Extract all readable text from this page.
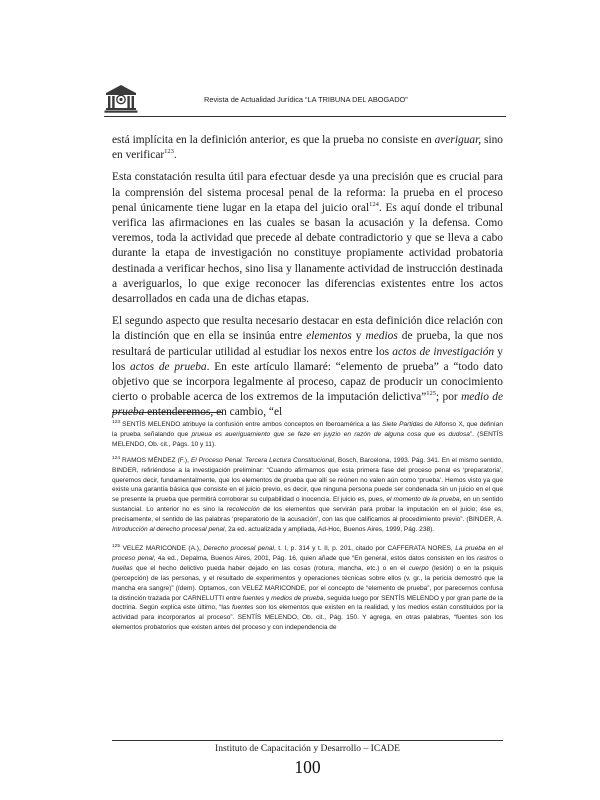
Revista de Actualidad Jurídica “LA TRIBUNA DEL ABOGADO”

está implícita en la definición anterior, es que la prueba no consiste en averiguar, sino en verificar$^{123}$.

Esta constatación resulta útil para efectuar desde ya una precisión que es crucial para la comprensión del sistema procesal penal de la reforma: la prueba en el proceso penal únicamente tiene lugar en la etapa del juicio oral$^{124}$. Es aquí donde el tribunal verifica las afirmaciones en las cuales se basan la acusación y la defensa. Como veremos, toda la actividad que precede al debate contradictorio y que se lleva a cabo durante la etapa de investigación no constituye propiamente actividad probatoria destinada a verificar hechos, sino lisa y llanamente actividad de instrucción destinada a averiguarlos, lo que exige reconocer las diferencias existentes entre los actos desarrollados en cada una de dichas etapas.

El segundo aspecto que resulta necesario destacar en esta definición dice relación con la distinción que en ella se insinúa entre elementos y medios de prueba, la que nos resultará de particular utilidad al estudiar los nexos entre los actos de investigación y los actos de prueba. En este artículo llamaré: “elemento de prueba” a “todo dato objetivo que se incorpora legalmente al proceso, capaz de producir un conocimiento cierto o probable acerca de los extremos de la imputación delictiva”$^{125}$; por medio de prueba entenderemos, en cambio, “el

$^{123}$ SENTÍS MELENDO atribuye la confusión entre ambos conceptos en Iberoamérica a las Siete Partidas de Alfonso X, que definían la prueba señalando que prueua es aueriguamiento que se feze en juyzio en razón de alguna cosa que es dudosa”. (SENTÍS MELENDO, Ob. cit., Págs. 10 y 11).

$^{124}$ RAMOS MÉNDEZ (F.), El Proceso Penal. Tercera Lectura Constitucional, Bosch, Barcelona, 1993. Pág. 341. En el mismo sentido, BINDER, refiriéndose a la investigación preliminar: “Cuando afirmamos que esta primera fase del proceso penal es ‘preparatoria’, queremos decir, fundamentalmente, que los elementos de prueba que allí se reúnen no valen aún como ‘prueba’. Hemos visto ya que existe una garantía básica que consiste en el juicio previo, es decir, que ninguna persona puede ser condenada sin un juicio en el que se presente la prueba que permitirá corroborar su culpabilidad o inocencia. El juicio es, pues, el momento de la prueba, en un sentido sustancial. Lo anterior no es sino la recolección de los elementos que servirán para probar la imputación en el juicio; ése es, precisamente, el sentido de las palabras ‘preparatorio de la acusación’, con las que calificamos al procedimiento previo”. (BINDER, A. Introducción al derecho procesal penal, 2a ed. actualizada y ampliada, Ad-Hoc, Buenos Aires, 1999, Pág. 238).

$^{125}$ VELEZ MARICONDE (A.), Derecho procesal penal, t. I, p. 314 y t. II, p. 201, citado por CAFFERATA NORES, La prueba en el proceso penal, 4a ed., Depalma, Buenos Aires, 2001, Pág. 16, quien añade que “En general, estos datos consisten en los rastros o huellas que el hecho delictivo pueda haber dejado en las cosas (rotura, mancha, etc.) o en el cuerpo (lesión) o en la psiquis (percepción) de las personas, y el resultado de experimentos y operaciones técnicas sobre ellos (v. gr., la pericia demostró que la mancha era sangre)” (ídem). Optamos, con VELEZ MARICONDE, por el concepto de “elemento de prueba”, por parecernos confusa la distinción trazada por CARNELUTTI entre fuentes y medios de prueba, seguida luego por SENTÍS MELENDO y por gran parte de la doctrina. Según explica este último, “las fuentes son los elementos que existen en la realidad, y los medios están constituidos por la actividad para incorporarlos al proceso”. SENTÍS MELENDO, Ob. cit., Pág. 150. Y agrega, en otras palabras, “fuentes son los elementos probatorios que existen antes del proceso y con independencia de

Instituto de Capacitación y Desarrollo – ICADE
100
